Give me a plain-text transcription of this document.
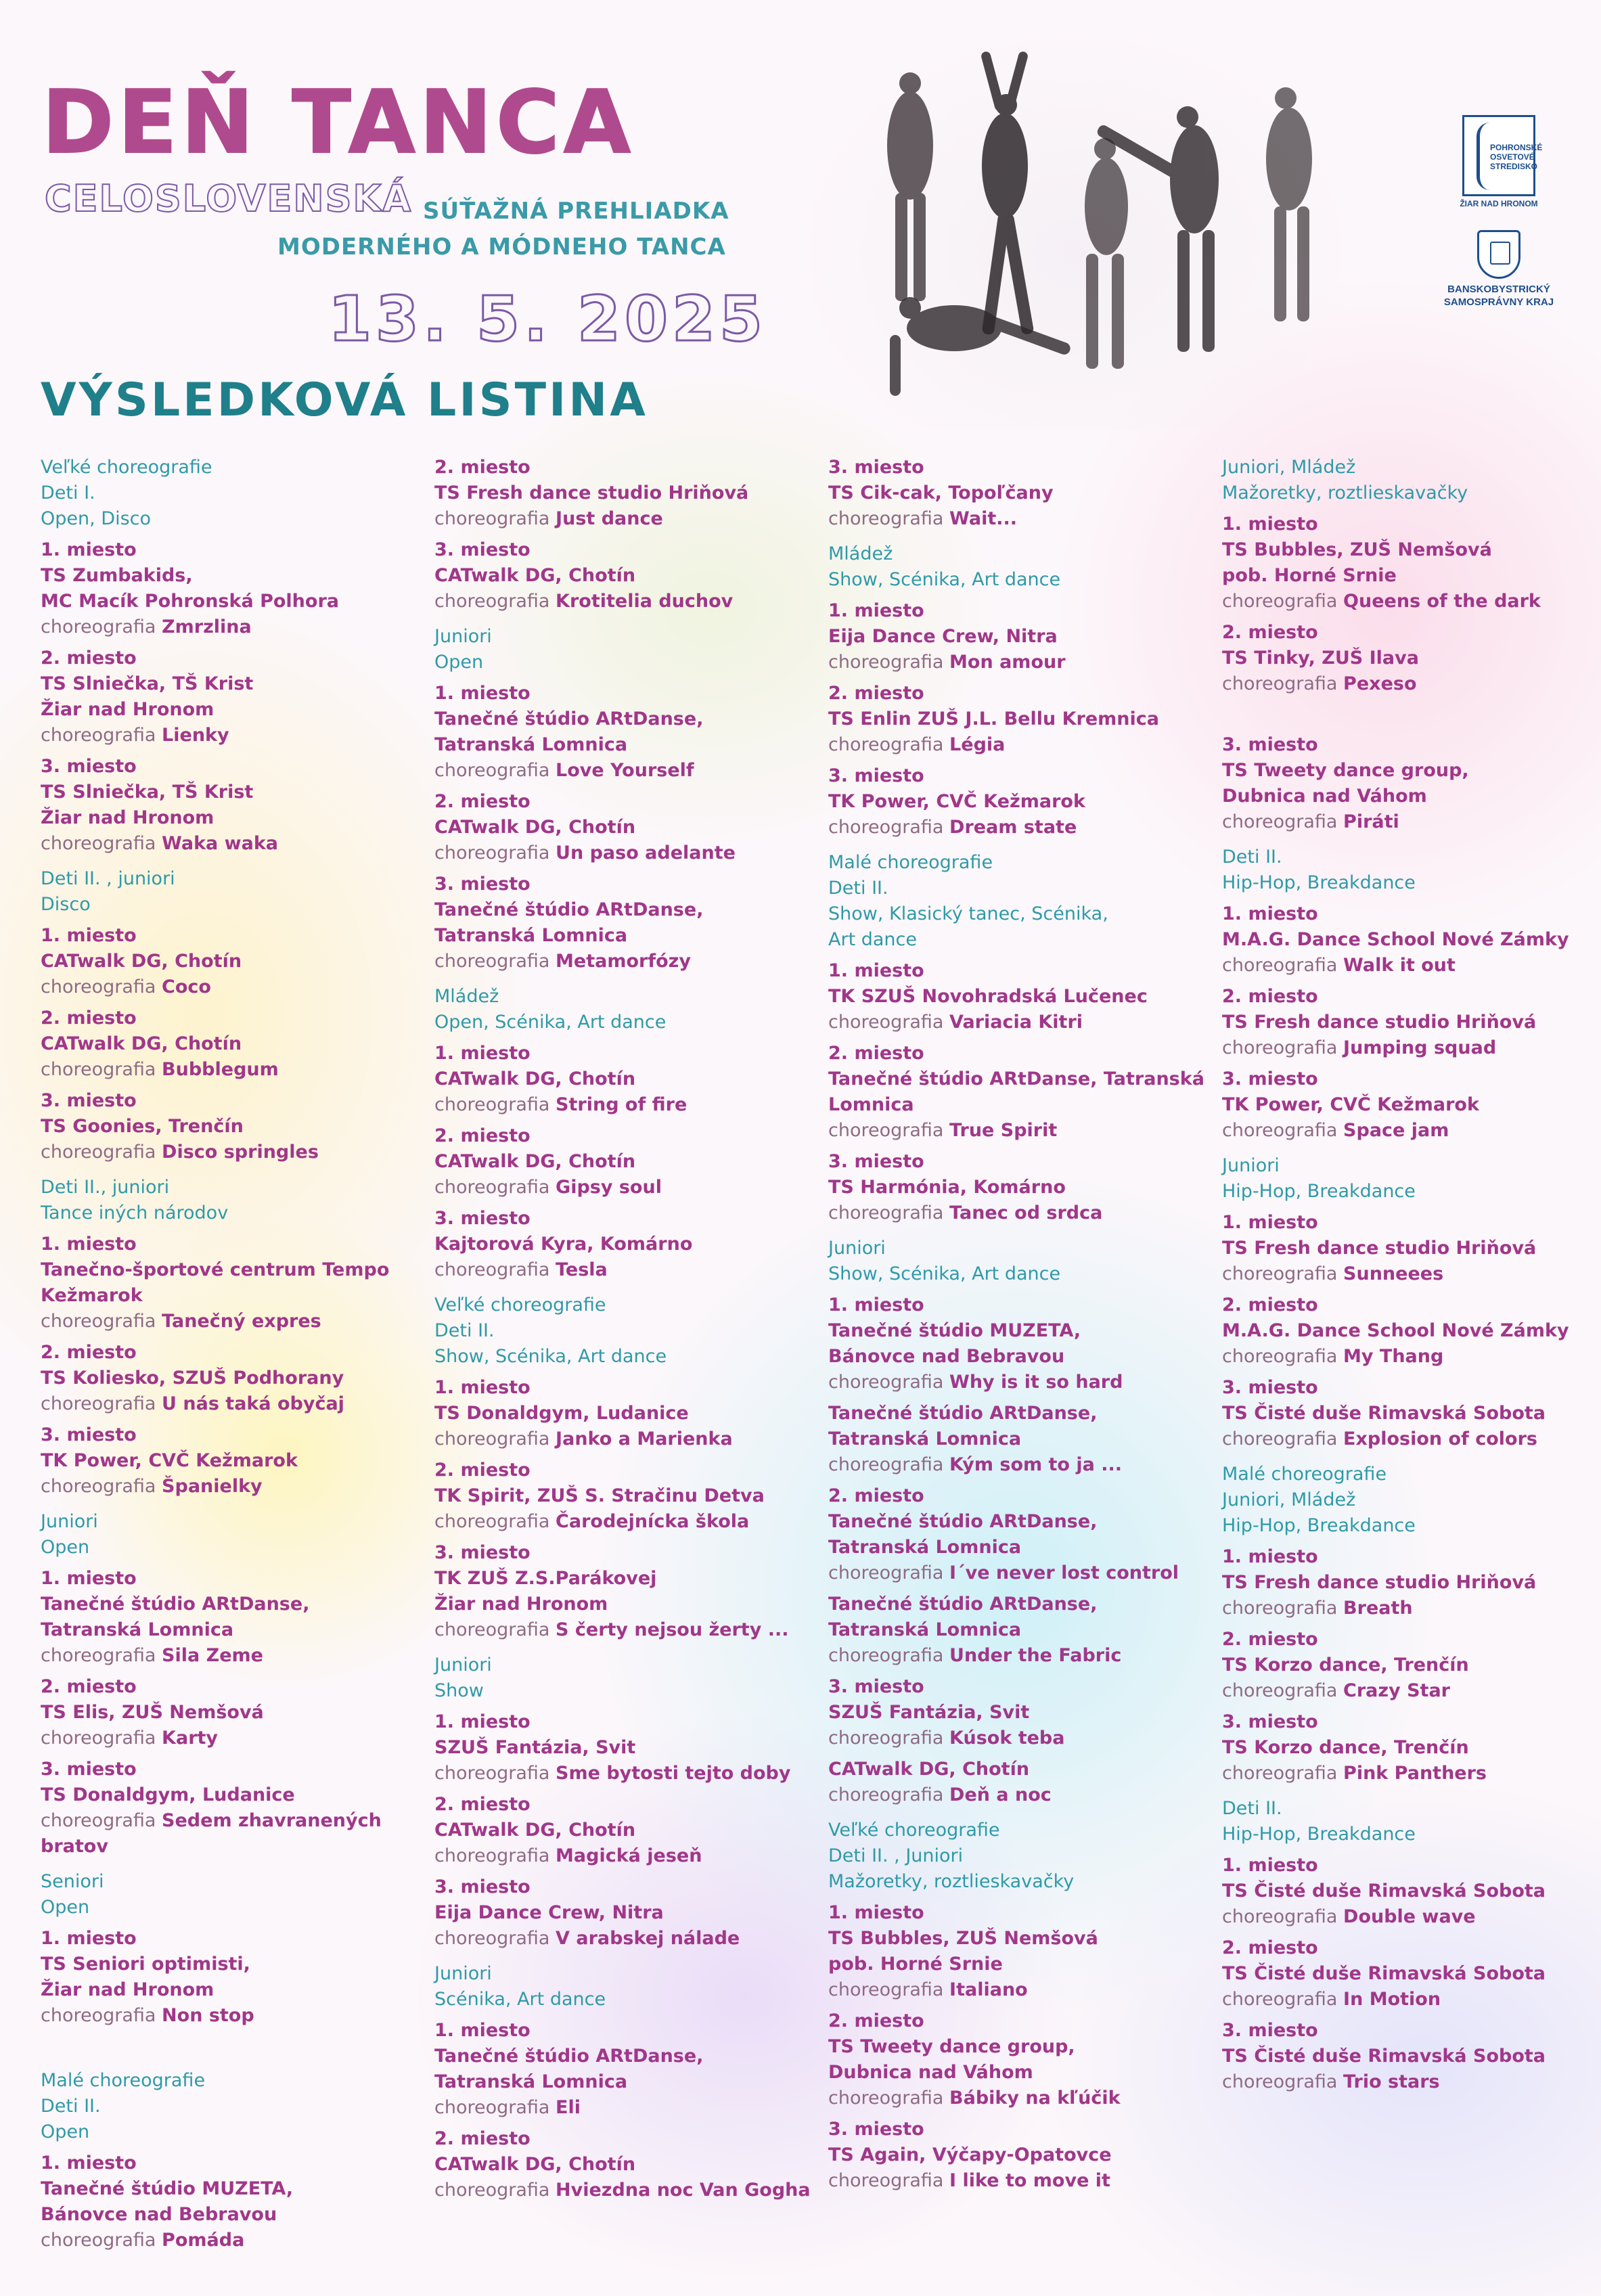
DEŇ TANCA
CELOSLOVENSKÁ SÚŤAŽNÁ PREHLIADKA
MODERNÉHO A MÓDNEHO TANCA
13. 5. 2025
VÝSLEDKOVÁ LISTINA
POHRONSKÉ
OSVETOVÉ
STREDISKO
ŽIAR NAD HRONOM
BANSKOBYSTRICKÝ
SAMOSPRÁVNY KRAJ
Veľké choreografie
Deti I.
Open, Disco
1. miesto
TS Zumbakids,
MC Macík Pohronská Polhora
choreografia Zmrzlina
2. miesto
TS Slniečka, TŠ Krist
Žiar nad Hronom
choreografia Lienky
3. miesto
TS Slniečka, TŠ Krist
Žiar nad Hronom
choreografia Waka waka
Deti II. , juniori
Disco
1. miesto
CATwalk DG, Chotín
choreografia Coco
2. miesto
CATwalk DG, Chotín
choreografia Bubblegum
3. miesto
TS Goonies, Trenčín
choreografia Disco springles
Deti II., juniori
Tance iných národov
1. miesto
Tanečno-športové centrum Tempo
Kežmarok
choreografia Tanečný expres
2. miesto
TS Koliesko, SZUŠ Podhorany
choreografia U nás taká obyčaj
3. miesto
TK Power, CVČ Kežmarok
choreografia Španielky
Juniori
Open
1. miesto
Tanečné štúdio ARtDanse,
Tatranská Lomnica
choreografia Sila Zeme
2. miesto
TS Elis, ZUŠ Nemšová
choreografia Karty
3. miesto
TS Donaldgym, Ludanice
choreografia Sedem zhavranených
bratov
Seniori
Open
1. miesto
TS Seniori optimisti,
Žiar nad Hronom
choreografia Non stop
Malé choreografie
Deti II.
Open
1. miesto
Tanečné štúdio MUZETA,
Bánovce nad Bebravou
choreografia Pomáda
2. miesto
TS Fresh dance studio Hriňová
choreografia Just dance
3. miesto
CATwalk DG, Chotín
choreografia Krotitelia duchov
Juniori
Open
1. miesto
Tanečné štúdio ARtDanse,
Tatranská Lomnica
choreografia Love Yourself
2. miesto
CATwalk DG, Chotín
choreografia Un paso adelante
3. miesto
Tanečné štúdio ARtDanse,
Tatranská Lomnica
choreografia Metamorfózy
Mládež
Open, Scénika, Art dance
1. miesto
CATwalk DG, Chotín
choreografia String of fire
2. miesto
CATwalk DG, Chotín
choreografia Gipsy soul
3. miesto
Kajtorová Kyra, Komárno
choreografia Tesla
Veľké choreografie
Deti II.
Show, Scénika, Art dance
1. miesto
TS Donaldgym, Ludanice
choreografia Janko a Marienka
2. miesto
TK Spirit, ZUŠ S. Stračinu Detva
choreografia Čarodejnícka škola
3. miesto
TK ZUŠ Z.S.Parákovej
Žiar nad Hronom
choreografia S čerty nejsou žerty ...
Juniori
Show
1. miesto
SZUŠ Fantázia, Svit
choreografia Sme bytosti tejto doby
2. miesto
CATwalk DG, Chotín
choreografia Magická jeseň
3. miesto
Eija Dance Crew, Nitra
choreografia V arabskej nálade
Juniori
Scénika, Art dance
1. miesto
Tanečné štúdio ARtDanse,
Tatranská Lomnica
choreografia Eli
2. miesto
CATwalk DG, Chotín
choreografia Hviezdna noc Van Gogha
3. miesto
TS Cik-cak, Topoľčany
choreografia Wait...
Mládež
Show, Scénika, Art dance
1. miesto
Eija Dance Crew, Nitra
choreografia Mon amour
2. miesto
TS Enlin ZUŠ J.L. Bellu Kremnica
choreografia Légia
3. miesto
TK Power, CVČ Kežmarok
choreografia Dream state
Malé choreografie
Deti II.
Show, Klasický tanec, Scénika,
Art dance
1. miesto
TK SZUŠ Novohradská Lučenec
choreografia Variacia Kitri
2. miesto
Tanečné štúdio ARtDanse, Tatranská
Lomnica
choreografia True Spirit
3. miesto
TS Harmónia, Komárno
choreografia Tanec od srdca
Juniori
Show, Scénika, Art dance
1. miesto
Tanečné štúdio MUZETA,
Bánovce nad Bebravou
choreografia Why is it so hard
Tanečné štúdio ARtDanse,
Tatranská Lomnica
choreografia Kým som to ja ...
2. miesto
Tanečné štúdio ARtDanse,
Tatranská Lomnica
choreografia I´ve never lost control
Tanečné štúdio ARtDanse,
Tatranská Lomnica
choreografia Under the Fabric
3. miesto
SZUŠ Fantázia, Svit
choreografia Kúsok teba
CATwalk DG, Chotín
choreografia Deň a noc
Veľké choreografie
Deti II. , Juniori
Mažoretky, roztlieskavačky
1. miesto
TS Bubbles, ZUŠ Nemšová
pob. Horné Srnie
choreografia Italiano
2. miesto
TS Tweety dance group,
Dubnica nad Váhom
choreografia Bábiky na kľúčik
3. miesto
TS Again, Výčapy-Opatovce
choreografia I like to move it
Juniori, Mládež
Mažoretky, roztlieskavačky
1. miesto
TS Bubbles, ZUŠ Nemšová
pob. Horné Srnie
choreografia Queens of the dark
2. miesto
TS Tinky, ZUŠ Ilava
choreografia Pexeso
3. miesto
TS Tweety dance group,
Dubnica nad Váhom
choreografia Piráti
Deti II.
Hip-Hop, Breakdance
1. miesto
M.A.G. Dance School Nové Zámky
choreografia Walk it out
2. miesto
TS Fresh dance studio Hriňová
choreografia Jumping squad
3. miesto
TK Power, CVČ Kežmarok
choreografia Space jam
Juniori
Hip-Hop, Breakdance
1. miesto
TS Fresh dance studio Hriňová
choreografia Sunneees
2. miesto
M.A.G. Dance School Nové Zámky
choreografia My Thang
3. miesto
TS Čisté duše Rimavská Sobota
choreografia Explosion of colors
Malé choreografie
Juniori, Mládež
Hip-Hop, Breakdance
1. miesto
TS Fresh dance studio Hriňová
choreografia Breath
2. miesto
TS Korzo dance, Trenčín
choreografia Crazy Star
3. miesto
TS Korzo dance, Trenčín
choreografia Pink Panthers
Deti II.
Hip-Hop, Breakdance
1. miesto
TS Čisté duše Rimavská Sobota
choreografia Double wave
2. miesto
TS Čisté duše Rimavská Sobota
choreografia In Motion
3. miesto
TS Čisté duše Rimavská Sobota
choreografia Trio stars
